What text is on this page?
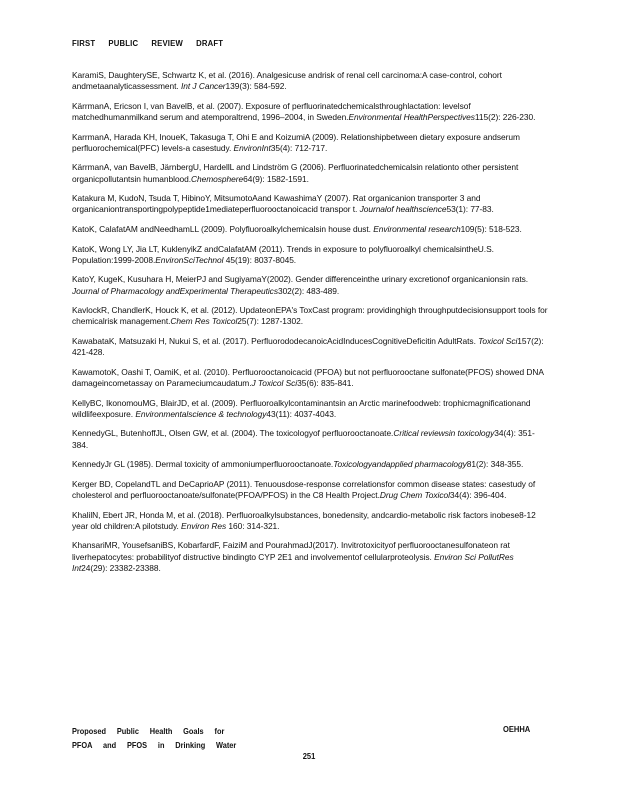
FIRST PUBLIC REVIEW DRAFT

KaramiS, DaughterySE, Schwartz K, et al. (2016). Analgesicuse andrisk of renal cell carcinoma:A case-control, cohort andmetaanalyticassessment. Int J Cancer139(3): 584-592.

KärrmanA, Ericson I, van BavelB, et al. (2007). Exposure of perfluorinatedchemicalsthroughlactation: levelsof matchedhumanmilkand serum and atemporaltrend, 1996–2004, in Sweden.Environmental HealthPerspectives115(2): 226-230.

KarrmanA, Harada KH, InoueK, Takasuga T, Ohi E and KoizumiA (2009). Relationshipbetween dietary exposure andserum perfluorochemical(PFC) levels-a casestudy. EnvironInt35(4): 712-717.

KärrmanA, van BavelB, JärnbergU, HardellL and Lindström G (2006). Perfluorinatedchemicalsin relationto other persistent organicpollutantsin humanblood.Chemosphere64(9): 1582-1591.

Katakura M, KudoN, Tsuda T, HibinoY, MitsumotoAand KawashimaY (2007). Rat organicanion transporter 3 and organicaniontransportingpolypeptide1mediateperfluorooctanoicacid transpor t. Journalof healthscience53(1): 77-83.

KatoK, CalafatAM andNeedhamLL (2009). Polyfluoroalkylchemicalsin house dust. Environmental research109(5): 518-523.

KatoK, Wong LY, Jia LT, KuklenyikZ andCalafatAM (2011). Trends in exposure to polyfluoroalkyl chemicalsintheU.S. Population:1999-2008.EnvironSciTechnol 45(19): 8037-8045.

KatoY, KugeK, Kusuhara H, MeierPJ and SugiyamaY(2002). Gender differenceinthe urinary excretionof organicanionsin rats. Journal of Pharmacology andExperimental Therapeutics302(2): 483-489.

KavlockR, ChandlerK, Houck K, et al. (2012). UpdateonEPA's ToxCast program: providinghigh throughputdecisionsupport tools for chemicalrisk management.Chem Res Toxicol25(7): 1287-1302.

KawabataK, Matsuzaki H, Nukui S, et al. (2017). PerfluorododecanoicAcidInducesCognitiveDeficitin AdultRats. Toxicol Sci157(2): 421-428.

KawamotoK, Oashi T, OamiK, et al. (2010). Perfluorooctanoicacid (PFOA) but not perfluorooctane sulfonate(PFOS) showed DNA damageincometassay on Parameciumcaudatum.J Toxicol Sci35(6): 835-841.

KellyBC, IkonomouMG, BlairJD, et al. (2009). Perfluoroalkylcontaminantsin an Arctic marinefoodweb: trophicmagnificationand wildlifeexposure. Environmentalscience & technology43(11): 4037-4043.

KennedyGL, ButenhoffJL, Olsen GW, et al. (2004). The toxicologyof perfluorooctanoate.Critical reviewsin toxicology34(4): 351-384.

KennedyJr GL (1985). Dermal toxicity of ammoniumperfluorooctanoate.Toxicologyandapplied pharmacology81(2): 348-355.

Kerger BD, CopelandTL and DeCaprioAP (2011). Tenuousdose-response correlationsfor common disease states: casestudy of cholesterol and perfluorooctanoate/sulfonate(PFOA/PFOS) in the C8 Health Project.Drug Chem Toxicol34(4): 396-404.

KhalilN, Ebert JR, Honda M, et al. (2018). Perfluoroalkylsubstances, bonedensity, andcardio-metabolic risk factors inobese8-12 year old children:A pilotstudy. Environ Res 160: 314-321.

KhansariMR, YousefsaniBS, KobarfardF, FaiziM and PourahmadJ(2017). Invitrotoxicityof perfluorooctanesulfonateon rat liverhepatocytes: probabilityof distructive bindingto CYP 2E1 and involvementof cellularproteolysis. Environ Sci PollutRes Int24(29): 23382-23388.

Proposed Public Health Goals for
PFOA and PFOS in Drinking Water
OEHHA
251
